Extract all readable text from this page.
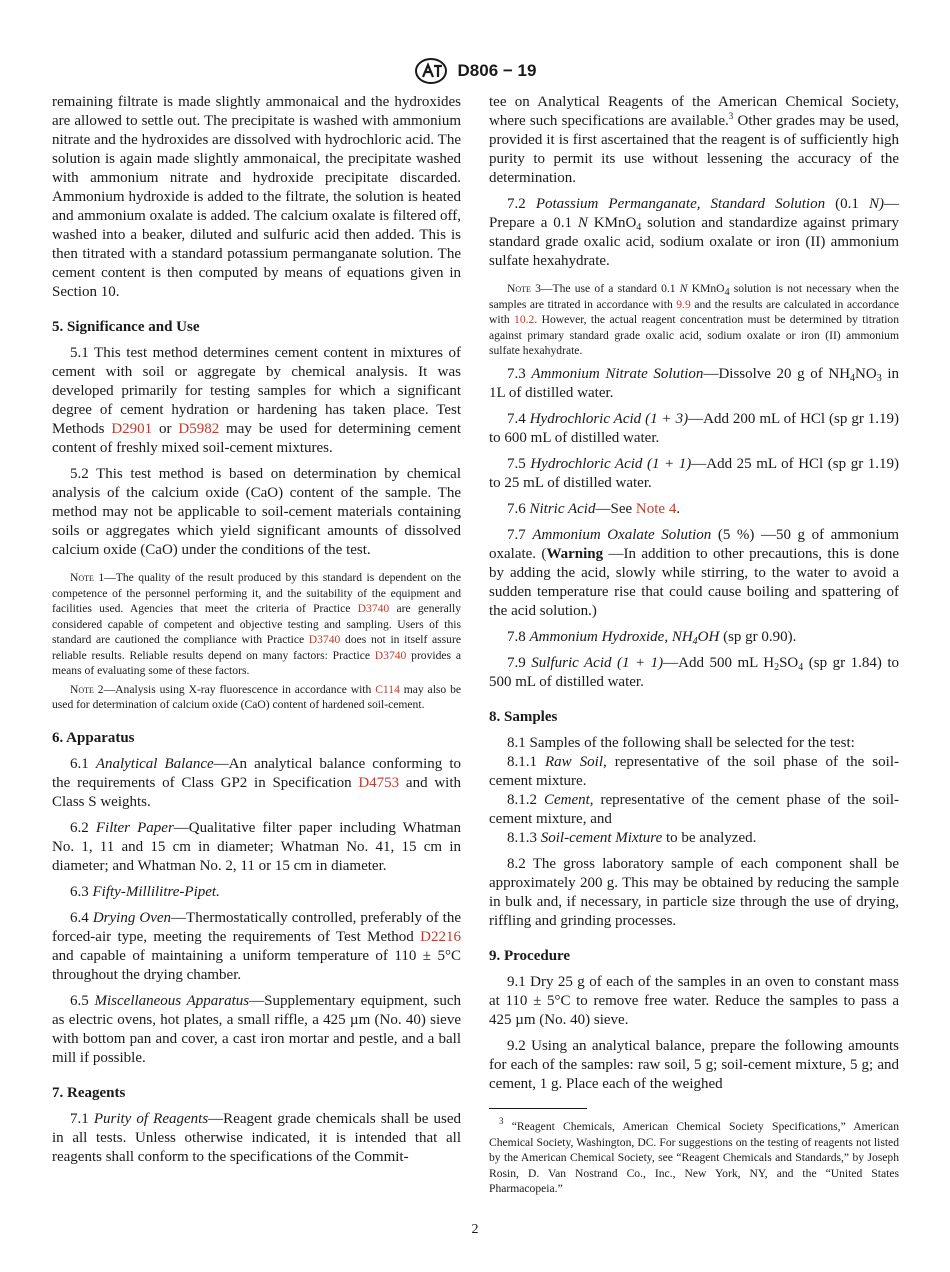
D806 − 19

remaining filtrate is made slightly ammonaical and the hydroxides are allowed to settle out. The precipitate is washed with ammonium nitrate and the hydroxides are dissolved with hydrochloric acid. The solution is again made slightly ammonaical, the precipitate washed with ammonium nitrate and hydroxide precipitate discarded. Ammonium hydroxide is added to the filtrate, the solution is heated and ammonium oxalate is added. The calcium oxalate is filtered off, washed into a beaker, diluted and sulfuric acid then added. This is then titrated with a standard potassium permanganate solution. The cement content is then computed by means of equations given in Section 10.

5. Significance and Use

5.1 This test method determines cement content in mixtures of cement with soil or aggregate by chemical analysis. It was developed primarily for testing samples for which a significant degree of cement hydration or hardening has taken place. Test Methods D2901 or D5982 may be used for determining cement content of freshly mixed soil-cement mixtures.

5.2 This test method is based on determination by chemical analysis of the calcium oxide (CaO) content of the sample. The method may not be applicable to soil-cement materials containing soils or aggregates which yield significant amounts of dissolved calcium oxide (CaO) under the conditions of the test.

Note 1—The quality of the result produced by this standard is dependent on the competence of the personnel performing it, and the suitability of the equipment and facilities used. Agencies that meet the criteria of Practice D3740 are generally considered capable of competent and objective testing and sampling. Users of this standard are cautioned the compliance with Practice D3740 does not in itself assure reliable results. Reliable results depend on many factors: Practice D3740 provides a means of evaluating some of these factors.

Note 2—Analysis using X-ray fluorescence in accordance with C114 may also be used for determination of calcium oxide (CaO) content of hardened soil-cement.

6. Apparatus

6.1 Analytical Balance—An analytical balance conforming to the requirements of Class GP2 in Specification D4753 and with Class S weights.

6.2 Filter Paper—Qualitative filter paper including Whatman No. 1, 11 and 15 cm in diameter; Whatman No. 41, 15 cm in diameter; and Whatman No. 2, 11 or 15 cm in diameter.

6.3 Fifty-Millilitre-Pipet.

6.4 Drying Oven—Thermostatically controlled, preferably of the forced-air type, meeting the requirements of Test Method D2216 and capable of maintaining a uniform temperature of 110 ± 5°C throughout the drying chamber.

6.5 Miscellaneous Apparatus—Supplementary equipment, such as electric ovens, hot plates, a small riffle, a 425 µm (No. 40) sieve with bottom pan and cover, a cast iron mortar and pestle, and a ball mill if possible.

7. Reagents

7.1 Purity of Reagents—Reagent grade chemicals shall be used in all tests. Unless otherwise indicated, it is intended that all reagents shall conform to the specifications of the Commit-

tee on Analytical Reagents of the American Chemical Society, where such specifications are available.$^3$ Other grades may be used, provided it is first ascertained that the reagent is of sufficiently high purity to permit its use without lessening the accuracy of the determination.

7.2 Potassium Permanganate, Standard Solution (0.1 N)—Prepare a 0.1 N KMnO$_4$ solution and standardize against primary standard grade oxalic acid, sodium oxalate or iron (II) ammonium sulfate hexahydrate.

Note 3—The use of a standard 0.1 N KMnO$_4$ solution is not necessary when the samples are titrated in accordance with 9.9 and the results are calculated in accordance with 10.2. However, the actual reagent concentration must be determined by titration against primary standard grade oxalic acid, sodium oxalate or iron (II) ammonium sulfate hexahydrate.

7.3 Ammonium Nitrate Solution—Dissolve 20 g of $NH_4NO_3$ in 1L of distilled water.

7.4 Hydrochloric Acid (1 + 3)—Add 200 mL of HCl (sp gr 1.19) to 600 mL of distilled water.

7.5 Hydrochloric Acid (1 + 1)—Add 25 mL of HCl (sp gr 1.19) to 25 mL of distilled water.

7.6 Nitric Acid—See Note 4.

7.7 Ammonium Oxalate Solution (5 %) —50 g of ammonium oxalate. (Warning —In addition to other precautions, this is done by adding the acid, slowly while stirring, to the water to avoid a sudden temperature rise that could cause boiling and spattering of the acid solution.)

7.8 Ammonium Hydroxide, $NH_4OH$ (sp gr 0.90).

7.9 Sulfuric Acid (1 + 1)—Add 500 mL $H_2SO_4$ (sp gr 1.84) to 500 mL of distilled water.

8. Samples

8.1 Samples of the following shall be selected for the test:

8.1.1 Raw Soil, representative of the soil phase of the soil-cement mixture.

8.1.2 Cement, representative of the cement phase of the soil-cement mixture, and

8.1.3 Soil-cement Mixture to be analyzed.

8.2 The gross laboratory sample of each component shall be approximately 200 g. This may be obtained by reducing the sample in bulk and, if necessary, in particle size through the use of drying, riffling and grinding processes.

9. Procedure

9.1 Dry 25 g of each of the samples in an oven to constant mass at 110 ± 5°C to remove free water. Reduce the samples to pass a 425 µm (No. 40) sieve.

9.2 Using an analytical balance, prepare the following amounts for each of the samples: raw soil, 5 g; soil-cement mixture, 5 g; and cement, 1 g. Place each of the weighed

$^3$ “Reagent Chemicals, American Chemical Society Specifications,” American Chemical Society, Washington, DC. For suggestions on the testing of reagents not listed by the American Chemical Society, see “Reagent Chemicals and Standards,” by Joseph Rosin, D. Van Nostrand Co., Inc., New York, NY, and the “United States Pharmacopeia.”
2
